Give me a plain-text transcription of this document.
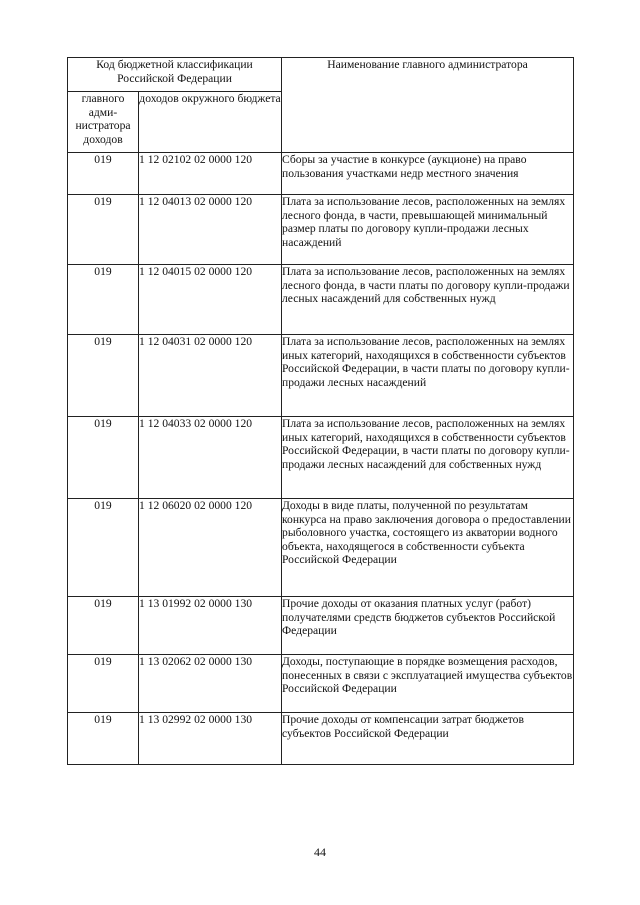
Код бюджетной классификации Российской Федерации		Наименование главного администратора
главного адми-нистратора доходов	доходов окружного бюджета	
019	1 12 02102 02 0000 120	Сборы за участие в конкурсе (аукционе) на право пользования участками недр местного значения
019	1 12 04013 02 0000 120	Плата за использование лесов, расположенных на землях лесного фонда, в части, превышающей минимальный размер платы по договору купли-продажи лесных насаждений
019	1 12 04015 02 0000 120	Плата за использование лесов, расположенных на землях лесного фонда, в части платы по договору купли-продажи лесных насаждений для собственных нужд
019	1 12 04031 02 0000 120	Плата за использование лесов, расположенных на землях иных категорий, находящихся в собственности субъектов Российской Федерации, в части платы по договору купли-продажи лесных насаждений
019	1 12 04033 02 0000 120	Плата за использование лесов, расположенных на землях иных категорий, находящихся в собственности субъектов Российской Федерации, в части платы по договору купли-продажи лесных насаждений для собственных нужд
019	1 12 06020 02 0000 120	Доходы в виде платы, полученной по результатам конкурса на право заключения договора о предоставлении рыболовного участка, состоящего из акватории водного объекта, находящегося в собственности субъекта Российской Федерации
019	1 13 01992 02 0000 130	Прочие доходы от оказания платных услуг (работ) получателями средств бюджетов субъектов Российской Федерации
019	1 13 02062 02 0000 130	Доходы, поступающие в порядке возмещения расходов, понесенных в связи с эксплуатацией имущества субъектов Российской Федерации
019	1 13 02992 02 0000 130	Прочие доходы от компенсации затрат бюджетов субъектов Российской Федерации
44
